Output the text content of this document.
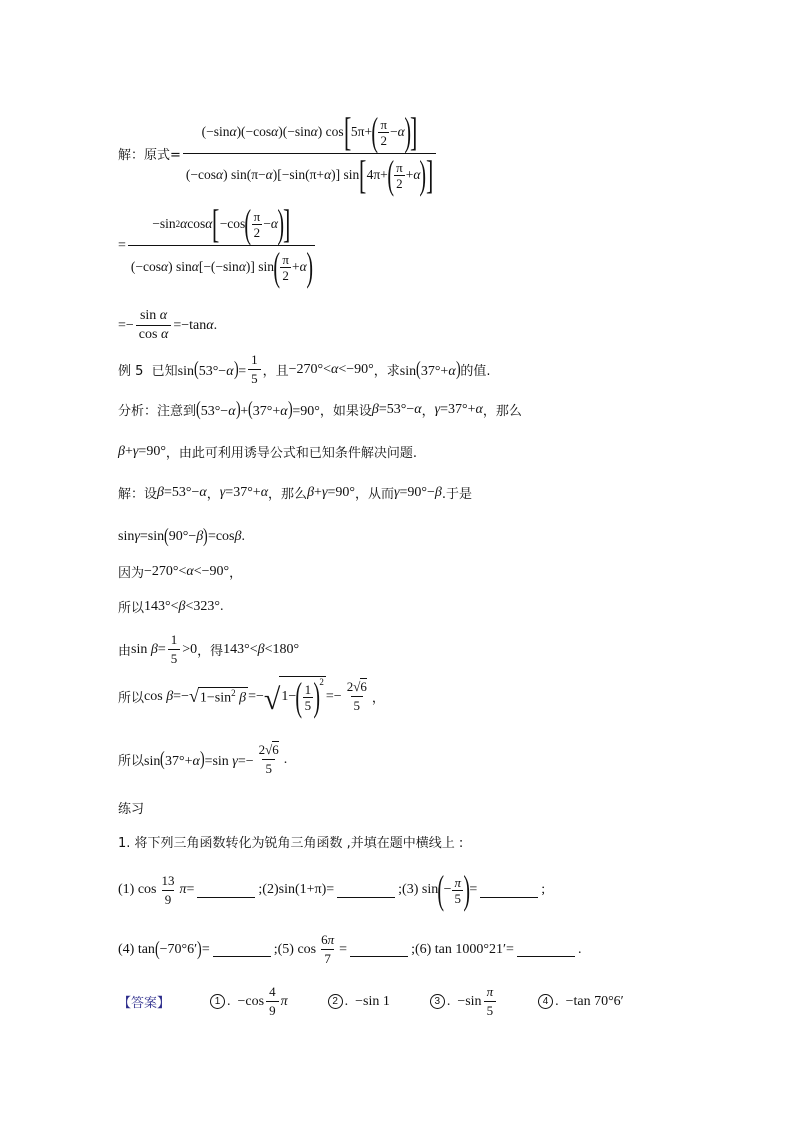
解：原式= (−sin α )(−cos α )(−sin α ) cos [ 5π+ ( π
2
− α ) ]
(−cos α ) sin(π− α )[−sin(π+ α )] sin [ 4π+ ( π
2
+ α ) ]
= −sin 2 α cos α [ −cos ( π
2
− α ) ]
(−cos α ) sin α [−(−sin α )] sin ( π
2
+ α )
=−
sin α
cos α
=−tan α .
例 5  已知 $\sin(53^\circ-\alpha)= \frac{1}{5}$ ，且 −270°<α<−90° ，求 sin(37°+α) 的值.
分析：注意到 (53°−α)+(37°+α)=90° ，如果设 β=53°−α ， γ=37°+α ，那么
β+γ=90° ，由此可利用诱导公式和已知条件解决问题.
解：设 β=53°−α ， γ=37°+α ，那么 β+γ=90° ，从而 γ=90°−β .于是
sin γ =sin ( 90°− β ) =cos β .
因为 −270°<α<−90° ，
所以 143°<β<323°.
由 $\sin \beta= \frac{1}{5} >0$ ，得 143°<β<180°
所以 cos β=− √ $1-\sin^2$ β =− √ 1− ( 1
5 )$^2$
=− $\frac{2√6}{5}$ ，
所以 sin(37°+α)=sin $\gamma=- \frac{2√6}{5}$ .
练习
1. 将下列三角函数转化为锐角三角函数 ,并填在题中横线上 :
(1) cos
13
9
π =	;(2)sin(1+π)=	;(3) sin ( − π
5 ) =	;
(4) tan ( −70°6′ ) =	;(5) cos
6π
7
=	;(6) tan 1000°21′=	.
【答案】	1 .  −cos
4
9
π	2 .  −sin 1	3 .  −sin
π
5
4 .  −tan 70°6′
